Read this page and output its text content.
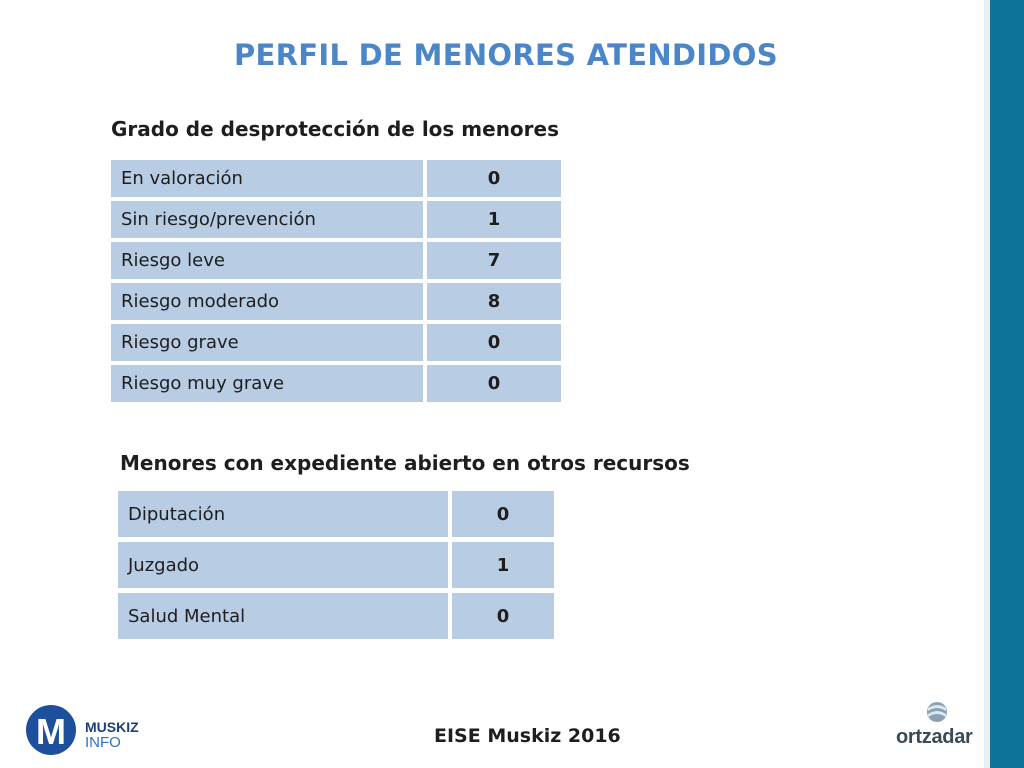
PERFIL DE MENORES ATENDIDOS
Grado de desprotección de los menores
En valoración	0
Sin riesgo/prevención	1
Riesgo leve	7
Riesgo moderado	8
Riesgo grave	0
Riesgo muy grave	0
Menores con expediente abierto en otros recursos
Diputación	0
Juzgado	1
Salud Mental	0
M	MUSKIZ
INFO	EISE Muskiz 2016	ortzadar
